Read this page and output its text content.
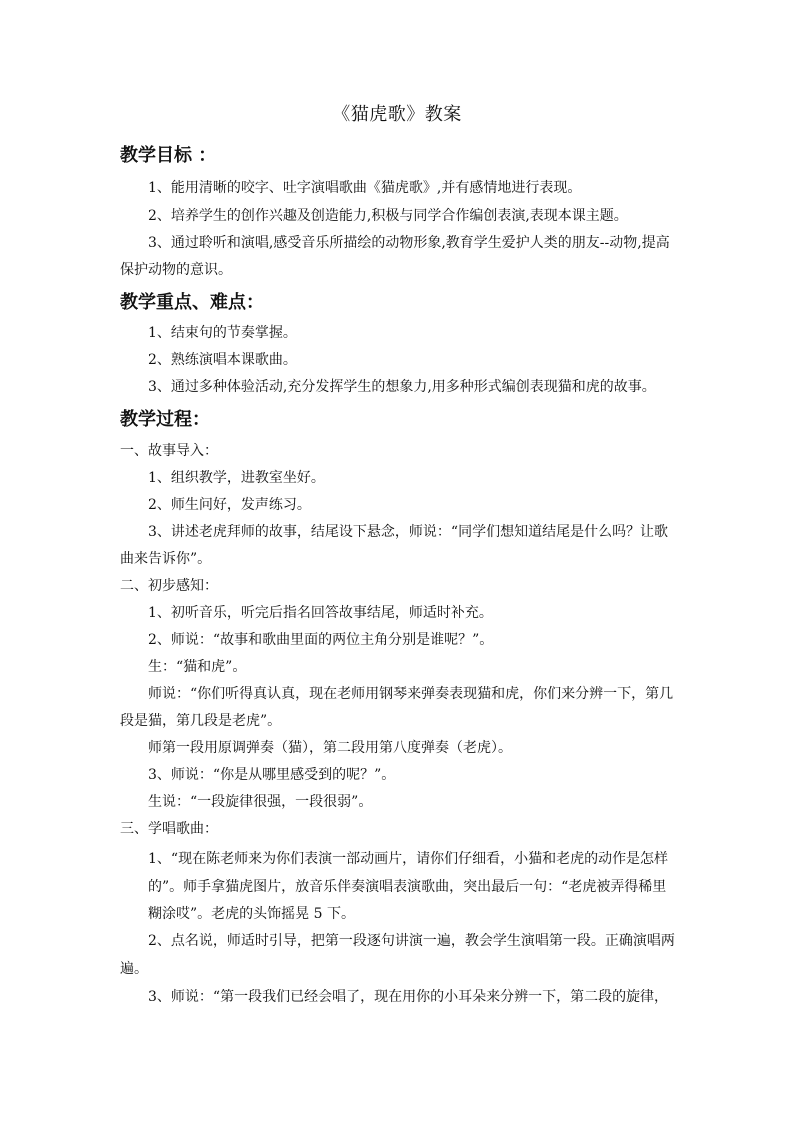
《猫虎歌》教案
教学目标 ：
1、能用清晰的咬字、吐字演唱歌曲《猫虎歌》,并有感情地进行表现。
2、培养学生的创作兴趣及创造能力,积极与同学合作编创表演,表现本课主题。
3、通过聆听和演唱,感受音乐所描绘的动物形象,教育学生爱护人类的朋友--动物,提高
保护动物的意识。
教学重点、难点：
1、结束句的节奏掌握。
2、熟练演唱本课歌曲。
3、通过多种体验活动,充分发挥学生的想象力,用多种形式编创表现猫和虎的故事。
教学过程：
一、故事导入：
1、组织教学，进教室坐好。
2、师生问好，发声练习。
3、讲述老虎拜师的故事，结尾设下悬念，师说：“同学们想知道结尾是什么吗？让歌
曲来告诉你”。
二、初步感知：
1、初听音乐，听完后指名回答故事结尾，师适时补充。
2、师说：“故事和歌曲里面的两位主角分别是谁呢？”。
生：“猫和虎”。
师说：“你们听得真认真，现在老师用钢琴来弹奏表现猫和虎，你们来分辨一下，第几
段是猫，第几段是老虎”。
师第一段用原调弹奏（猫），第二段用第八度弹奏（老虎）。
3、师说：“你是从哪里感受到的呢？”。
生说：“一段旋律很强，一段很弱”。
三、学唱歌曲：
1、“现在陈老师来为你们表演一部动画片，请你们仔细看，小猫和老虎的动作是怎样
的”。师手拿猫虎图片，放音乐伴奏演唱表演歌曲，突出最后一句：“老虎被弄得稀里
糊涂哎”。老虎的头饰摇晃 5 下。
2、点名说，师适时引导，把第一段逐句讲演一遍，教会学生演唱第一段。正确演唱两
遍。
3、师说：“第一段我们已经会唱了，现在用你的小耳朵来分辨一下，第二段的旋律，
